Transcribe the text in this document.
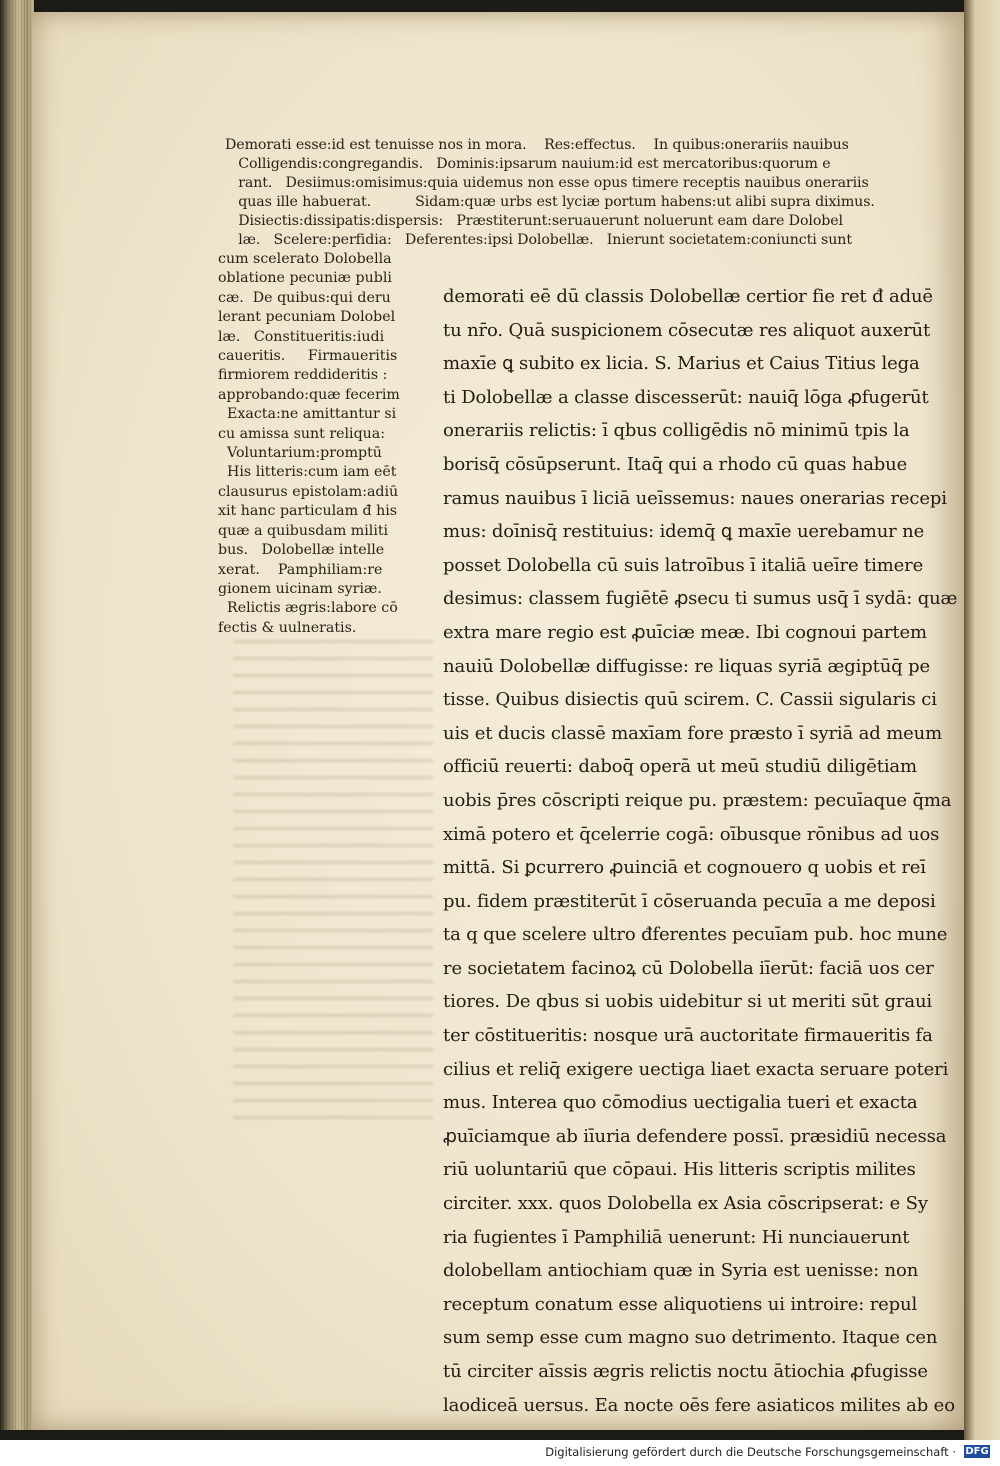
Demorati esse:id est tenuisse nos in mora.    Res:effectus.    In quibus:onerariis nauibus
Colligendis:congregandis.   Dominis:ipsarum nauium:id est mercatoribus:quorum e
rant.   Desiimus:omisimus:quia uidemus non esse opus timere receptis nauibus onerariis
quas ille habuerat.          Sidam:quæ urbs est lyciæ portum habens:ut alibi supra diximus.
Disiectis:dissipatis:dispersis:   Præstiterunt:seruauerunt noluerunt eam dare Dolobel
læ.   Scelere:perfidia:   Deferentes:ipsi Dolobellæ.   Inierunt societatem:coniuncti sunt
cum scelerato Dolobella
oblatione pecuniæ publi
cæ.  De quibus:qui deru
lerant pecuniam Dolobel
læ.   Constitueritis:iudi
caueritis.     Firmaueritis
firmiorem reddideritis :
approbando:quæ fecerim
Exacta:ne amittantur si
cu amissa sunt reliqua:
Voluntarium:promptū
His litteris:cum iam eēt
clausurus epistolam:adiū
xit hanc particulam đ his
quæ a quibusdam militi
bus.   Dolobellæ intelle
xerat.    Pamphiliam:re
gionem uicinam syriæ.
Relictis ægris:labore cō
fectis & uulneratis.
demorati eē dū classis Dolobellæ certior fie ret đ aduē
tu nr̄o. Quā suspicionem cōsecutæ res aliquot auxerūt
maxīe ꝗ subito ex licia. S. Marius et Caius Titius lega
ti Dolobellæ a classe discesserūt: nauiq̄ lōga ꝓfugerūt
onerariis relictis: ī qbus colligēdis nō minimū tpis la
borisq̄ cōsūpserunt. Itaq̄ qui a rhodo cū quas habue
ramus nauibus ī liciā ueīssemus: naues onerarias recepi
mus: doīnisq̄ restituius: idemq̄ ꝗ maxīe uerebamur ne
posset Dolobella cū suis latroībus ī italiā ueīre timere
desimus: classem fugiētē ꝓsecu ti sumus usq̄ ī sydā: quæ
extra mare regio est ꝓuīciæ meæ. Ibi cognoui partem
nauiū Dolobellæ diffugisse: re liquas syriā ægiptūq̄ pe
tisse. Quibus disiectis quū scirem. C. Cassii sigularis ci
uis et ducis classē maxīam fore præsto ī syriā ad meum
officiū reuerti: daboq̄ operā ut meū studiū diligētiam
uobis p̄res cōscripti reique pu. præstem: pecuīaque q̄ma
ximā potero et q̄celerrie cogā: oībusque rōnibus ad uos
mittā. Si ꝑcurrero ꝓuinciā et cognouero q uobis et reī
pu. fidem præstiterūt ī cōseruanda pecuīa a me deposi
ta q que scelere ultro đferentes pecuīam pub. hoc mune
re societatem facinoꝝ cū Dolobella iīerūt: faciā uos cer
tiores. De qbus si uobis uidebitur si ut meriti sūt graui
ter cōstitueritis: nosque urā auctoritate firmaueritis fa
cilius et reliq̄ exigere uectiga liaet exacta seruare poteri
mus. Interea quo cōmodius uectigalia tueri et exacta
ꝓuīciamque ab iīuria defendere possī. præsidiū necessa
riū uoluntariū que cōpaui. His litteris scriptis milites
circiter. xxx. quos Dolobella ex Asia cōscripserat: e Sy
ria fugientes ī Pamphiliā uenerunt: Hi nunciauerunt
dolobellam antiochiam quæ in Syria est uenisse: non
receptum conatum esse aliquotiens ui introire: repul
sum semp esse cum magno suo detrimento. Itaque cen
tū circiter aīssis ægris relictis noctu ātiochia ꝓfugisse
laodiceā uersus. Ea nocte oēs fere asiaticos milites ab eo
Digitalisierung gefördert durch die Deutsche Forschungsgemeinschaft · DFG
